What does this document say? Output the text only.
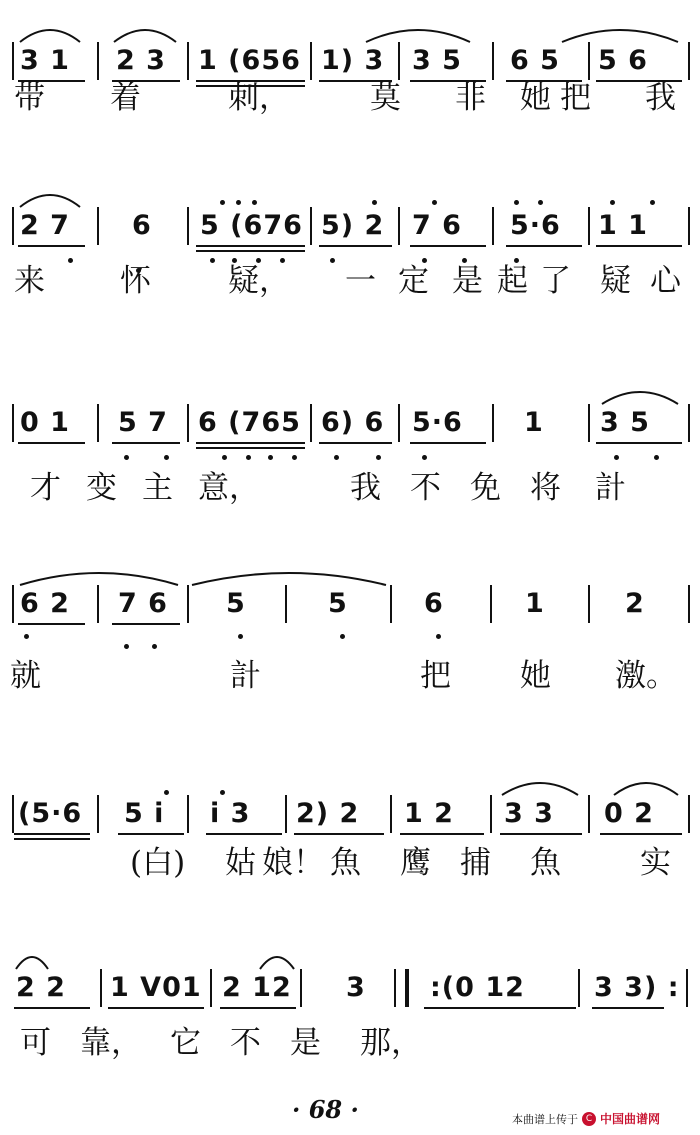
3 1 2 3 1 (656 1) 3 3 5 6 5 5 6
带 着	刺，	莫 非 她 把 我
2 7 6 5 (676 5) 2 7 6 5·6 1 1
来 怀 疑， 一 定 是 起 了 疑 心
0 1 5 7 6 (765 6) 6 5·6 1 3 5
才 变 主 意，	我 不 免 将 計
6 2 7 6 5	5	6	1	2
就	計	把 她 激。
(5·6 5 i i 3 2) 2 1 2 3 3 0 2
(白) 姑 娘！ 魚 鹰 捕 魚	实
2 2 1 V01 2 12 3 :(0 12	3 3) :
可 靠， 它 不 是 那，
· 68 ·	本曲谱上传于 C 中国曲谱网
